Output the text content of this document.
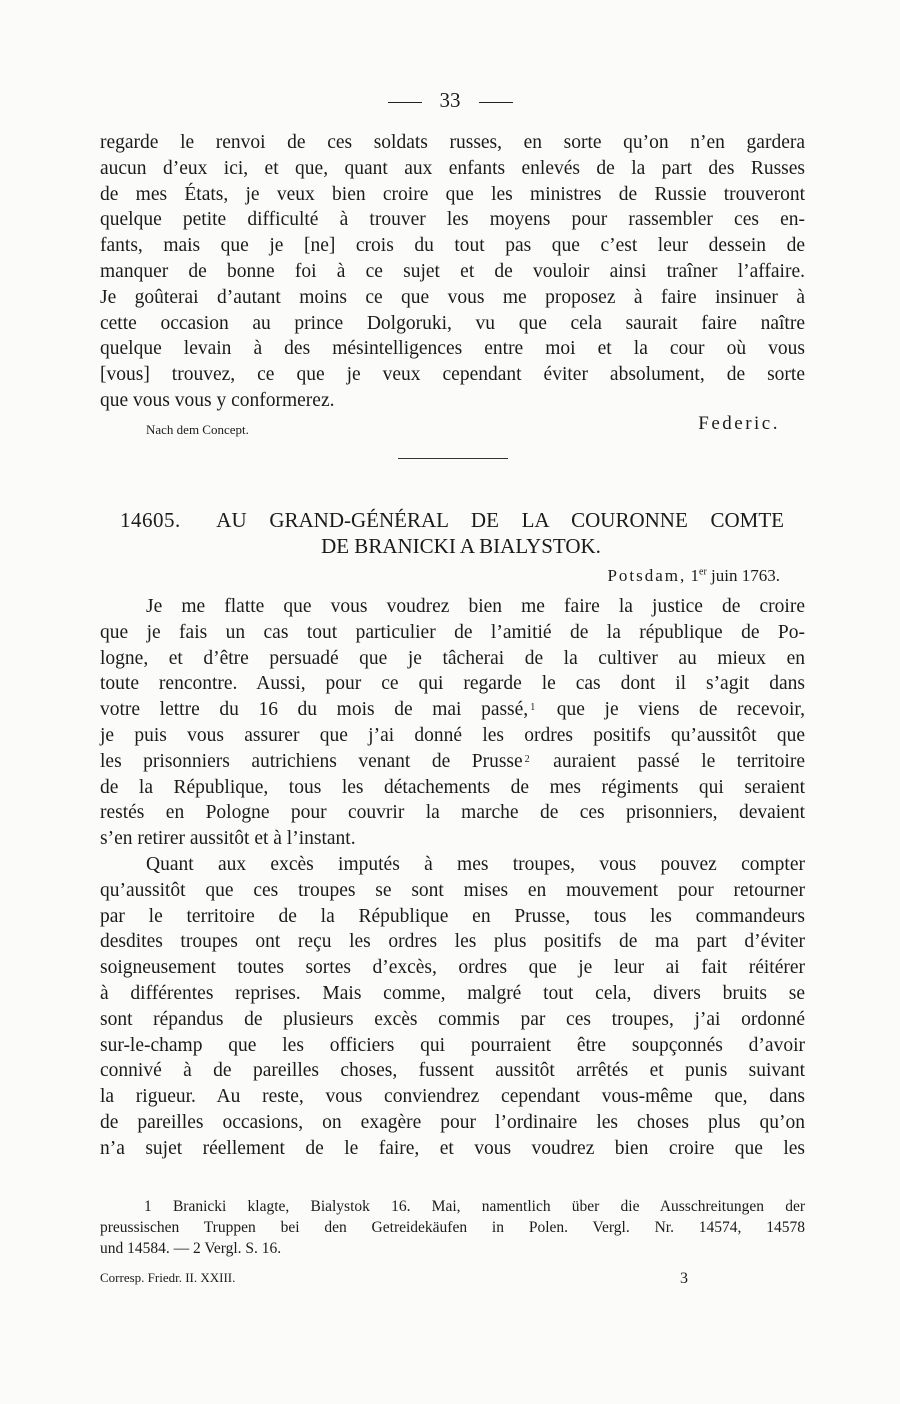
33
regarde le renvoi de ces soldats russes, en sorte qu’on n’en gardera
aucun d’eux ici, et que, quant aux enfants enlevés de la part des Russes
de mes États, je veux bien croire que les ministres de Russie trouveront
quelque petite difficulté à trouver les moyens pour rassembler ces en-
fants, mais que je [ne] crois du tout pas que c’est leur dessein de
manquer de bonne foi à ce sujet et de vouloir ainsi traîner l’affaire.
Je goûterai d’autant moins ce que vous me proposez à faire insinuer à
cette occasion au prince Dolgoruki, vu que cela saurait faire naître
quelque levain à des mésintelligences entre moi et la cour où vous
[vous] trouvez, ce que je veux cependant éviter absolument, de sorte
que vous vous y conformerez.
Nach dem Concept.	Federic.
14605. AU GRAND-GÉNÉRAL DE LA COURONNE COMTE
DE BRANICKI A BIALYSTOK.
Potsdam, 1er juin 1763.
Je me flatte que vous voudrez bien me faire la justice de croire
que je fais un cas tout particulier de l’amitié de la république de Po-
logne, et d’être persuadé que je tâcherai de la cultiver au mieux en
toute rencontre. Aussi, pour ce qui regarde le cas dont il s’agit dans
votre lettre du 16 du mois de mai passé, $^1$ que je viens de recevoir,
je puis vous assurer que j’ai donné les ordres positifs qu’aussitôt que
les prisonniers autrichiens venant de Prusse $^2$ auraient passé le territoire
de la République, tous les détachements de mes régiments qui seraient
restés en Pologne pour couvrir la marche de ces prisonniers, devaient
s’en retirer aussitôt et à l’instant.
Quant aux excès imputés à mes troupes, vous pouvez compter
qu’aussitôt que ces troupes se sont mises en mouvement pour retourner
par le territoire de la République en Prusse, tous les commandeurs
desdites troupes ont reçu les ordres les plus positifs de ma part d’éviter
soigneusement toutes sortes d’excès, ordres que je leur ai fait réitérer
à différentes reprises. Mais comme, malgré tout cela, divers bruits se
sont répandus de plusieurs excès commis par ces troupes, j’ai ordonné
sur-le-champ que les officiers qui pourraient être soupçonnés d’avoir
connivé à de pareilles choses, fussent aussitôt arrêtés et punis suivant
la rigueur. Au reste, vous conviendrez cependant vous-même que, dans
de pareilles occasions, on exagère pour l’ordinaire les choses plus qu’on
n’a sujet réellement de le faire, et vous voudrez bien croire que les
1 Branicki klagte, Bialystok 16. Mai, namentlich über die Ausschreitungen der
preussischen Truppen bei den Getreidekäufen in Polen. Vergl. Nr. 14574, 14578
und 14584. — 2 Vergl. S. 16.
Corresp. Friedr. II. XXIII.	3
